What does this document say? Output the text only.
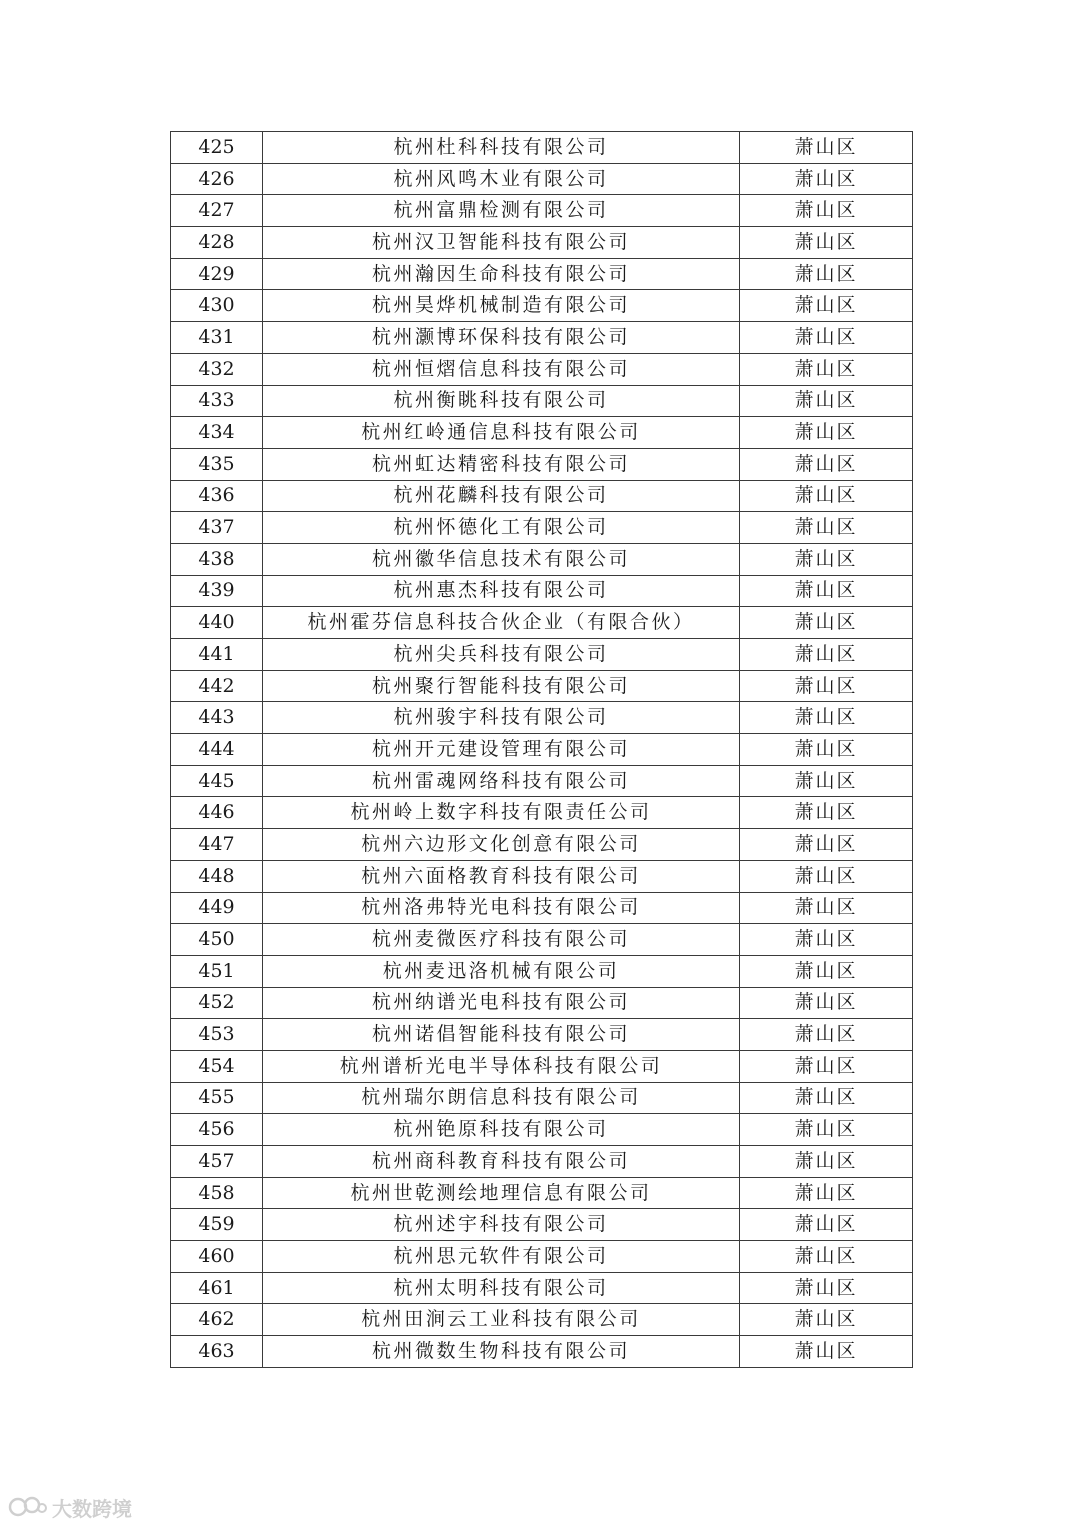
425	杭州杜科科技有限公司	萧山区
426	杭州风鸣木业有限公司	萧山区
427	杭州富鼎检测有限公司	萧山区
428	杭州汉卫智能科技有限公司	萧山区
429	杭州瀚因生命科技有限公司	萧山区
430	杭州昊烨机械制造有限公司	萧山区
431	杭州灏博环保科技有限公司	萧山区
432	杭州恒熠信息科技有限公司	萧山区
433	杭州衡眺科技有限公司	萧山区
434	杭州红岭通信息科技有限公司	萧山区
435	杭州虹达精密科技有限公司	萧山区
436	杭州花麟科技有限公司	萧山区
437	杭州怀德化工有限公司	萧山区
438	杭州徽华信息技术有限公司	萧山区
439	杭州惠杰科技有限公司	萧山区
440	杭州霍芬信息科技合伙企业（有限合伙）	萧山区
441	杭州尖兵科技有限公司	萧山区
442	杭州聚行智能科技有限公司	萧山区
443	杭州骏宇科技有限公司	萧山区
444	杭州开元建设管理有限公司	萧山区
445	杭州雷魂网络科技有限公司	萧山区
446	杭州岭上数字科技有限责任公司	萧山区
447	杭州六边形文化创意有限公司	萧山区
448	杭州六面格教育科技有限公司	萧山区
449	杭州洛弗特光电科技有限公司	萧山区
450	杭州麦微医疗科技有限公司	萧山区
451	杭州麦迅洛机械有限公司	萧山区
452	杭州纳谱光电科技有限公司	萧山区
453	杭州诺倡智能科技有限公司	萧山区
454	杭州谱析光电半导体科技有限公司	萧山区
455	杭州瑞尔朗信息科技有限公司	萧山区
456	杭州铯原科技有限公司	萧山区
457	杭州商科教育科技有限公司	萧山区
458	杭州世乾测绘地理信息有限公司	萧山区
459	杭州述宇科技有限公司	萧山区
460	杭州思元软件有限公司	萧山区
461	杭州太明科技有限公司	萧山区
462	杭州田涧云工业科技有限公司	萧山区
463	杭州微数生物科技有限公司	萧山区
大数跨境
